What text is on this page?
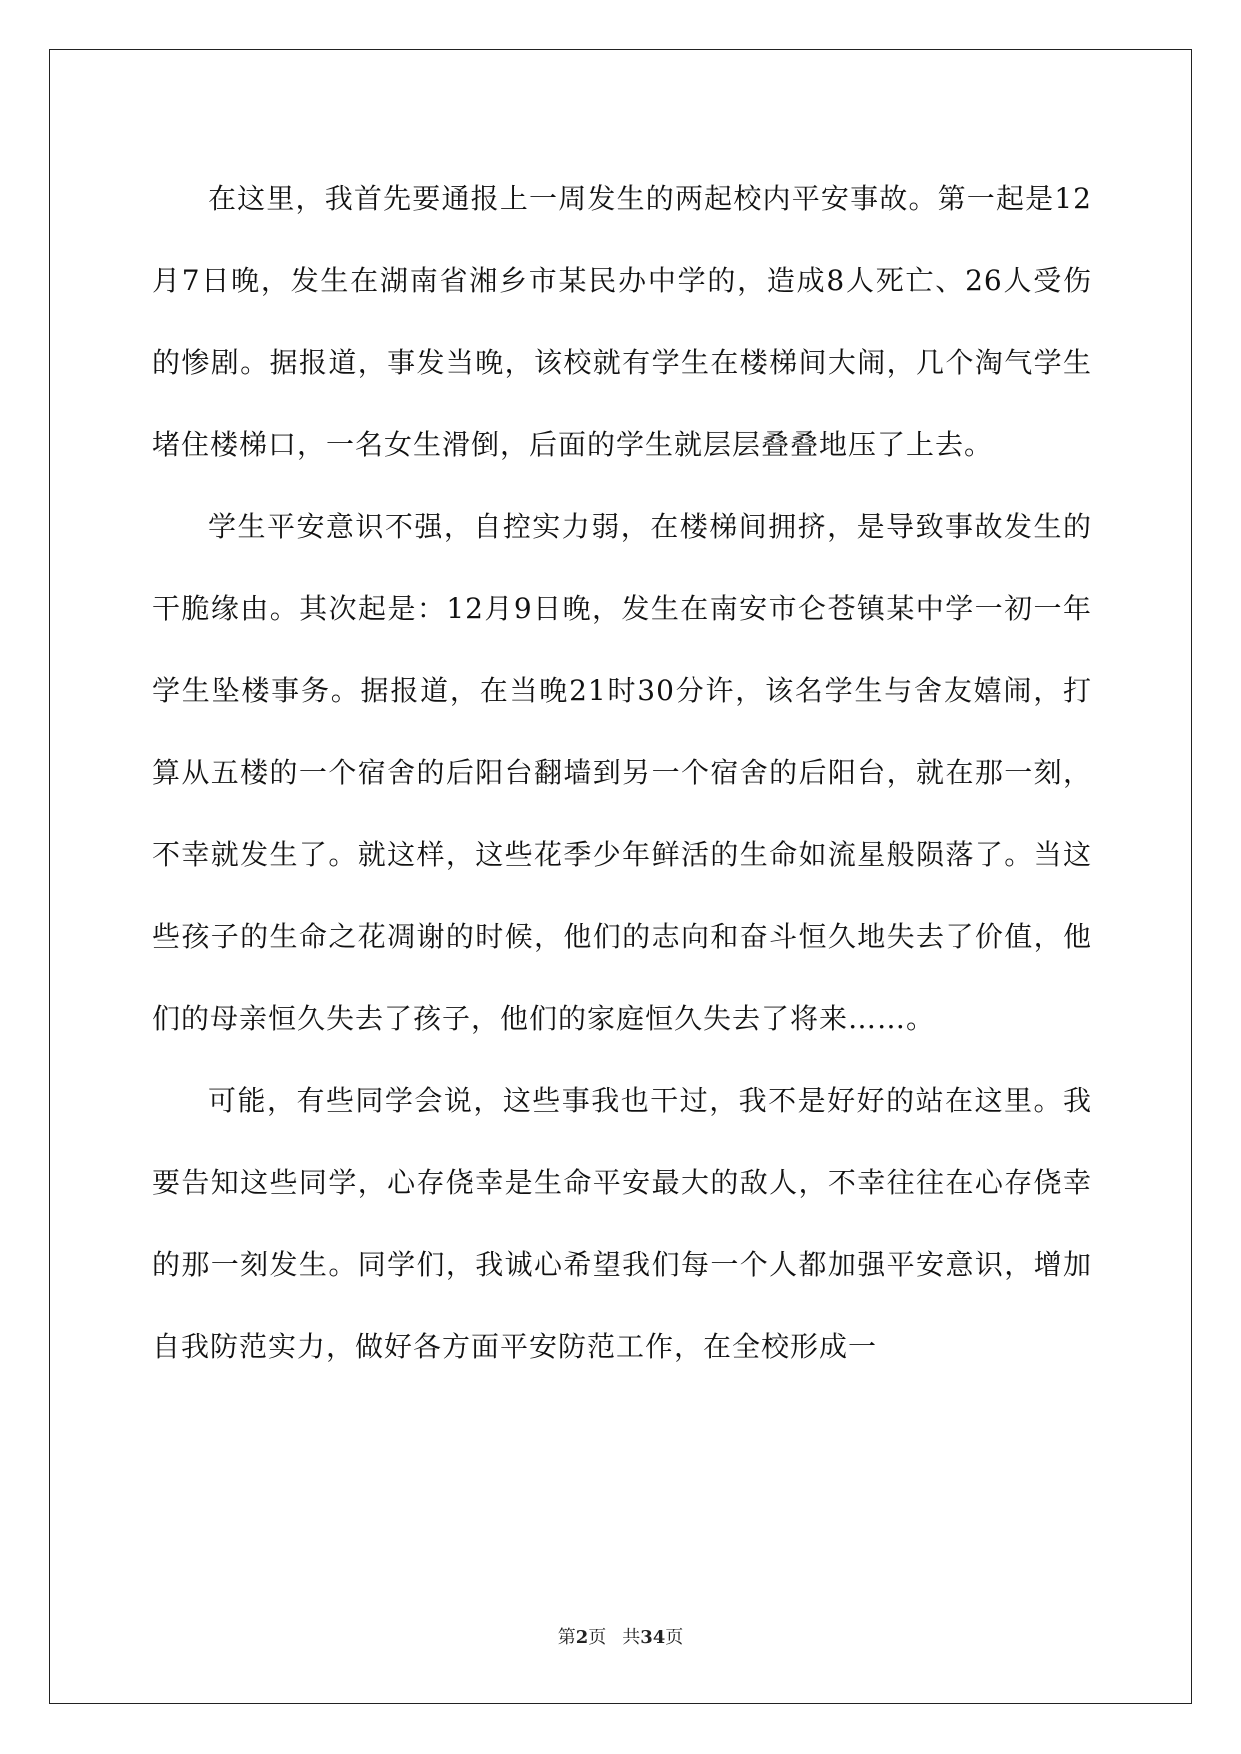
在这里，我首先要通报上一周发生的两起校内平安事故。第一起是12月7日晚，发生在湖南省湘乡市某民办中学的，造成8人死亡、26人受伤的惨剧。据报道，事发当晚，该校就有学生在楼梯间大闹，几个淘气学生堵住楼梯口，一名女生滑倒，后面的学生就层层叠叠地压了上去。

学生平安意识不强，自控实力弱，在楼梯间拥挤，是导致事故发生的干脆缘由。其次起是：12月9日晚，发生在南安市仑苍镇某中学一初一年学生坠楼事务。据报道，在当晚21时30分许，该名学生与舍友嬉闹，打算从五楼的一个宿舍的后阳台翻墙到另一个宿舍的后阳台，就在那一刻，不幸就发生了。就这样，这些花季少年鲜活的生命如流星般陨落了。当这些孩子的生命之花凋谢的时候，他们的志向和奋斗恒久地失去了价值，他们的母亲恒久失去了孩子，他们的家庭恒久失去了将来……。

可能，有些同学会说，这些事我也干过，我不是好好的站在这里。我要告知这些同学，心存侥幸是生命平安最大的敌人，不幸往往在心存侥幸的那一刻发生。同学们，我诚心希望我们每一个人都加强平安意识，增加自我防范实力，做好各方面平安防范工作，在全校形成一

第2页 共34页
